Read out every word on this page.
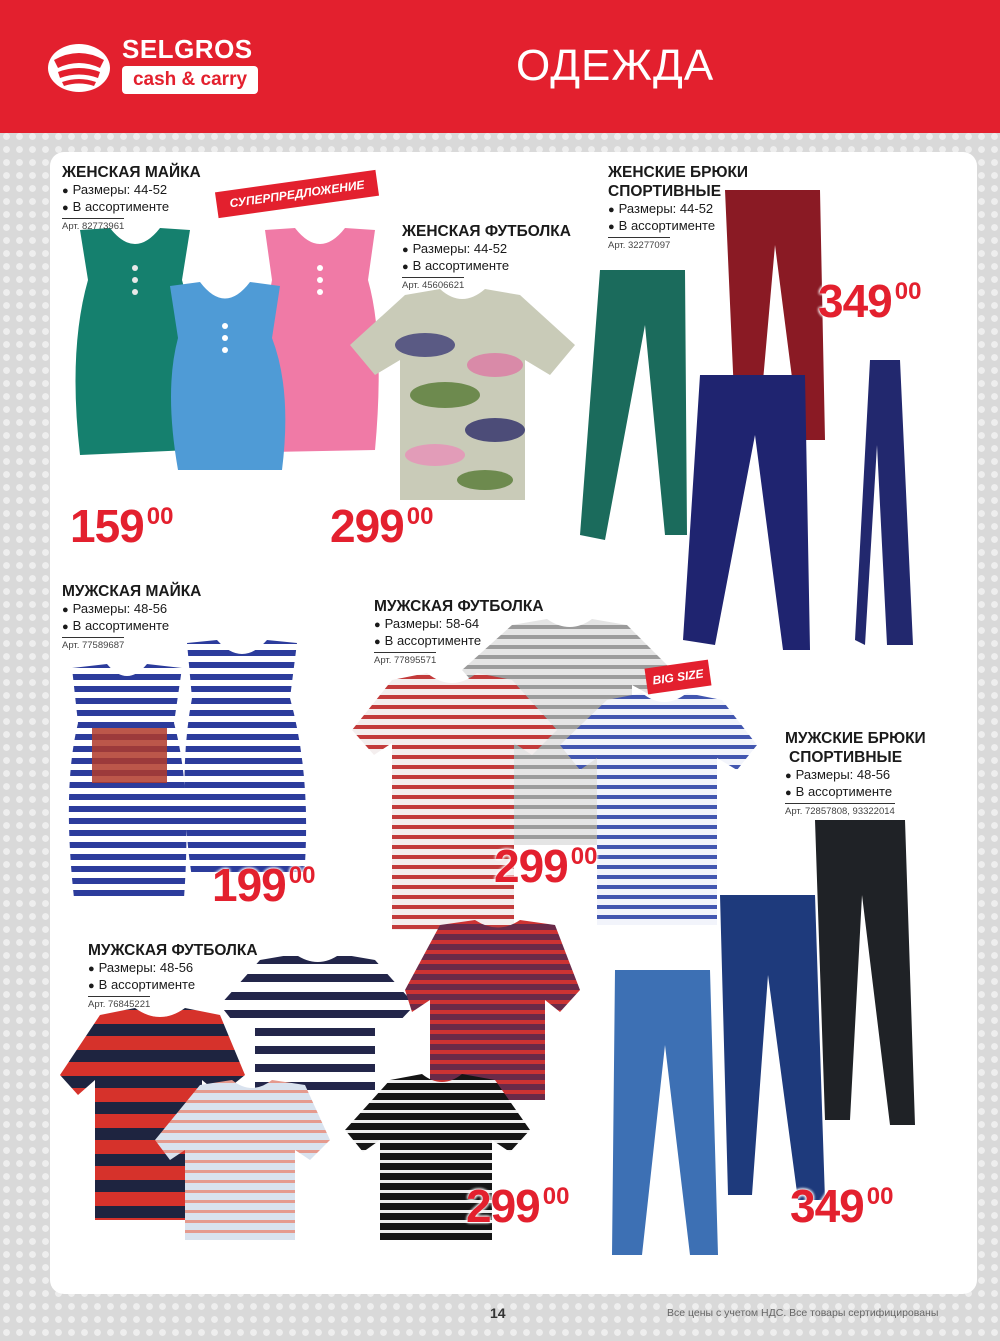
SELGROS
cash & carry	ОДЕЖДА
СУПЕРПРЕДЛОЖЕНИЕ
BIG SIZE
ЖЕНСКАЯ МАЙКА
● Размеры: 44-52
● В ассортименте
Арт. 82773961	ЖЕНСКАЯ ФУТБОЛКА
● Размеры: 44-52
● В ассортименте
Арт. 45606621
ЖЕНСКИЕ БРЮКИ
СПОРТИВНЫЕ
● Размеры: 44-52
● В ассортименте
Арт. 32277097
МУЖСКАЯ МАЙКА
● Размеры: 48-56
● В ассортименте
Арт. 77589687
МУЖСКАЯ ФУТБОЛКА
● Размеры: 58-64
● В ассортименте
Арт. 77895571
МУЖСКИЕ БРЮКИ
СПОРТИВНЫЕ
● Размеры: 48-56
● В ассортименте
Арт. 72857808, 93322014
МУЖСКАЯ ФУТБОЛКА
● Размеры: 48-56
● В ассортименте
Арт. 76845221
159 00	299 00
349 00
199 00	299 00
349 00
299 00
14	Все цены с учетом НДС. Все товары сертифицированы
